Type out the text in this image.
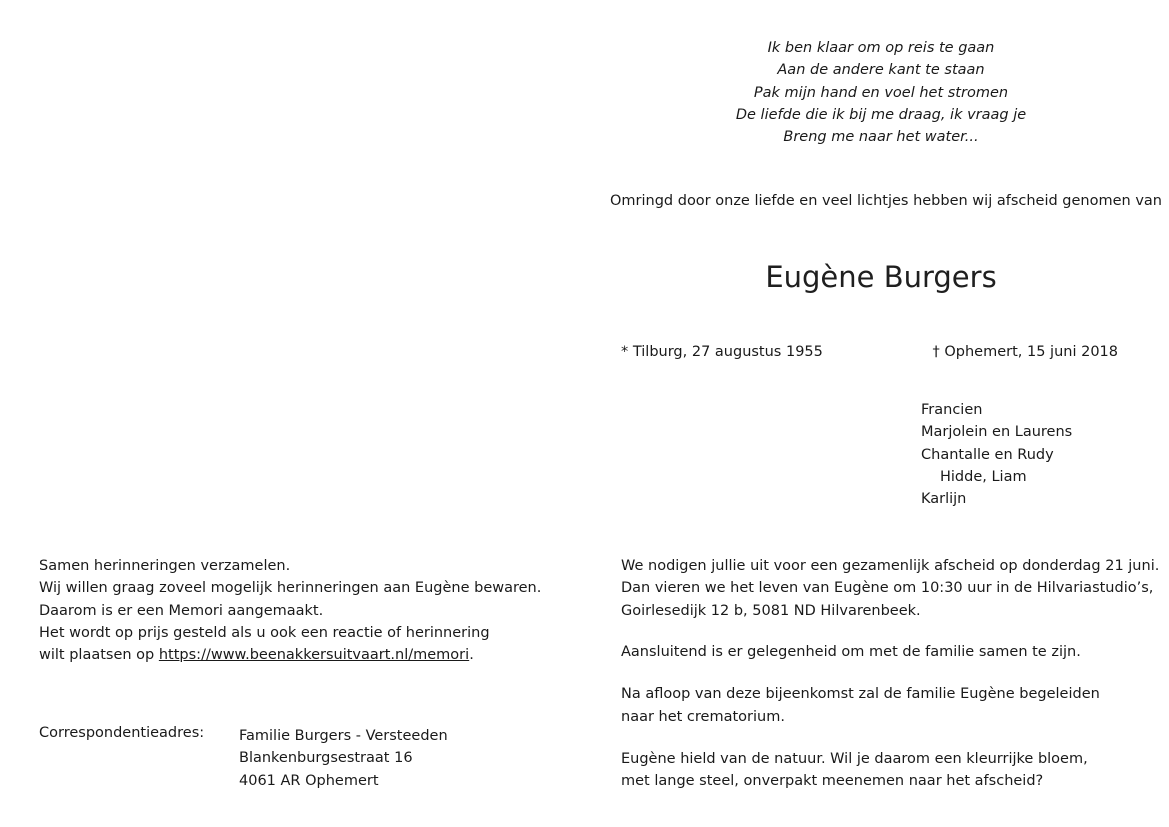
Ik ben klaar om op reis te gaan
Aan de andere kant te staan
Pak mijn hand en voel het stromen
De liefde die ik bij me draag, ik vraag je
Breng me naar het water...
Omringd door onze liefde en veel lichtjes hebben wij afscheid genomen van
Eugène Burgers
* Tilburg, 27 augustus 1955	† Ophemert, 15 juni 2018
Francien
Marjolein en Laurens
Chantalle en Rudy
Hidde, Liam
Karlijn
Samen herinneringen verzamelen.
Wij willen graag zoveel mogelijk herinneringen aan Eugène bewaren.
Daarom is er een Memori aangemaakt.
Het wordt op prijs gesteld als u ook een reactie of herinnering
wilt plaatsen op https://www.beenakkersuitvaart.nl/memori.
Correspondentieadres: Familie Burgers - Versteeden
Blankenburgsestraat 16
4061 AR Ophemert
We nodigen jullie uit voor een gezamenlijk afscheid op donderdag 21 juni.
Dan vieren we het leven van Eugène om 10:30 uur in de Hilvariastudio’s,
Goirlesedijk 12 b, 5081 ND Hilvarenbeek.
Aansluitend is er gelegenheid om met de familie samen te zijn.
Na afloop van deze bijeenkomst zal de familie Eugène begeleiden
naar het crematorium.
Eugène hield van de natuur. Wil je daarom een kleurrijke bloem,
met lange steel, onverpakt meenemen naar het afscheid?
